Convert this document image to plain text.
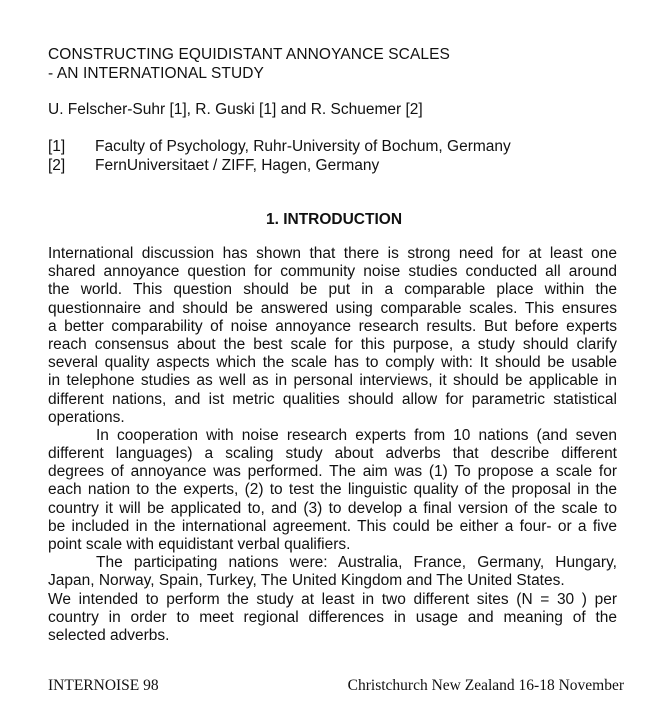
CONSTRUCTING EQUIDISTANT ANNOYANCE SCALES
- AN INTERNATIONAL STUDY
U. Felscher-Suhr [1], R. Guski [1] and R. Schuemer [2]
[1]	Faculty of Psychology, Ruhr-University of Bochum, Germany
[2]	FernUniversitaet / ZIFF, Hagen, Germany
1. INTRODUCTION
International discussion has shown that there is strong need for at least one
shared annoyance question for community noise studies conducted all around
the world. This question should be put in a comparable place within the
questionnaire and should be answered using comparable scales. This ensures
a better comparability of noise annoyance research results. But before experts
reach consensus about the best scale for this purpose, a study should clarify
several quality aspects which the scale has to comply with: It should be usable
in telephone studies as well as in personal interviews, it should be applicable in
different nations, and ist metric qualities should allow for parametric statistical
operations.
In cooperation with noise research experts from 10 nations (and seven
different languages) a scaling study about adverbs that describe different
degrees of annoyance was performed. The aim was (1) To propose a scale for
each nation to the experts, (2) to test the linguistic quality of the proposal in the
country it will be applicated to, and (3) to develop a final version of the scale to
be included in the international agreement. This could be either a four- or a five
point scale with equidistant verbal qualifiers.
The participating nations were: Australia, France, Germany, Hungary,
Japan, Norway, Spain, Turkey, The United Kingdom and The United States.
We intended to perform the study at least in two different sites (N = 30 ) per
country in order to meet regional differences in usage and meaning of the
selected adverbs.
INTERNOISE 98	Christchurch New Zealand 16-18 November
